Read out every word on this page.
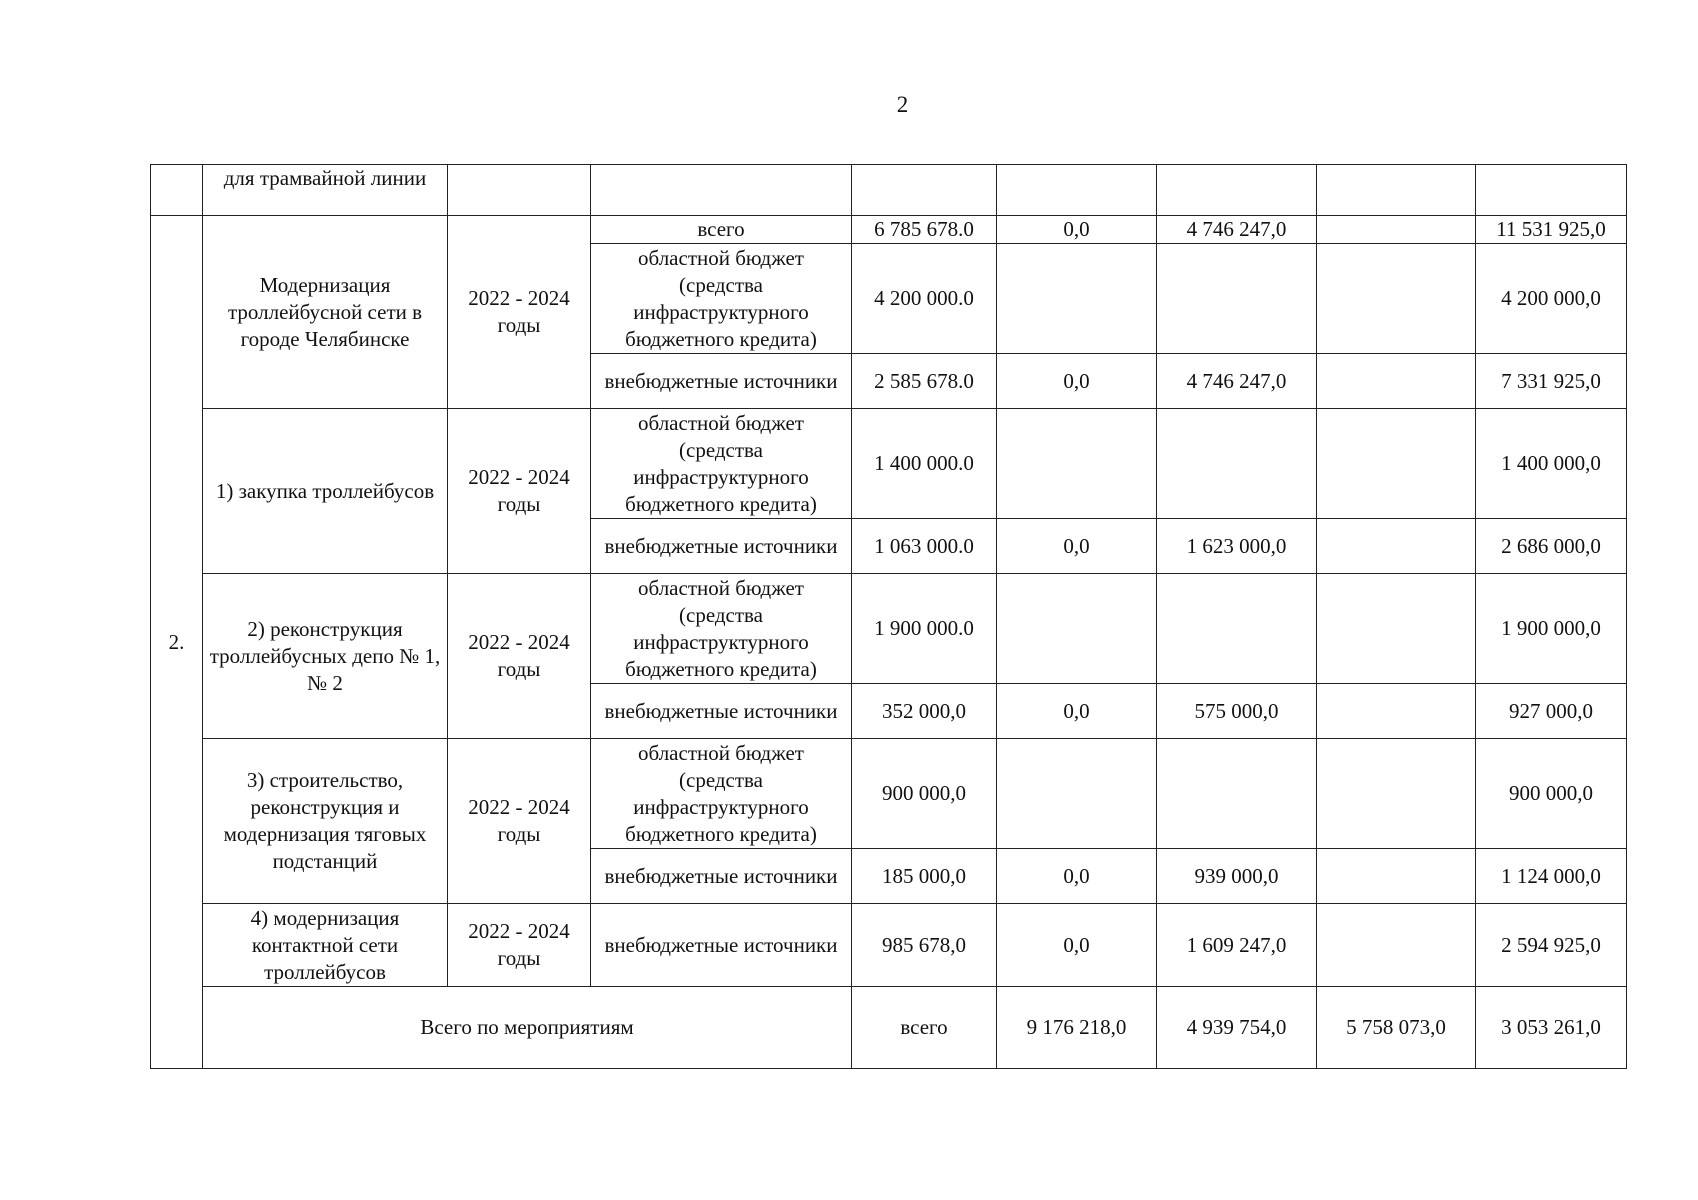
2
	для трамвайной линии								
2.	Модернизация троллейбусной сети в городе Челябинске	2022 - 2024 годы	всего	6 785 678.0	0,0	4 746 247,0		11 531 925,0	
			областной бюджет (средства инфраструктурного бюджетного кредита)	4 200 000.0				4 200 000,0	
			внебюджетные источники	2 585 678.0	0,0	4 746 247,0		7 331 925,0	
	1) закупка троллейбусов	2022 - 2024 годы	областной бюджет (средства инфраструктурного бюджетного кредита)	1 400 000.0				1 400 000,0	
			внебюджетные источники	1 063 000.0	0,0	1 623 000,0		2 686 000,0	
	2) реконструкция троллейбусных депо № 1, № 2	2022 - 2024 годы	областной бюджет (средства инфраструктурного бюджетного кредита)	1 900 000.0				1 900 000,0	
			внебюджетные источники	352 000,0	0,0	575 000,0		927 000,0	
	3) строительство, реконструкция и модернизация тяговых подстанций	2022 - 2024 годы	областной бюджет (средства инфраструктурного бюджетного кредита)	900 000,0				900 000,0	
			внебюджетные источники	185 000,0	0,0	939 000,0		1 124 000,0	
	4) модернизация контактной сети троллейбусов	2022 - 2024 годы	внебюджетные источники	985 678,0	0,0	1 609 247,0		2 594 925,0	
	Всего по мероприятиям			всего	9 176 218,0	4 939 754,0	5 758 073,0	3 053 261,0	
